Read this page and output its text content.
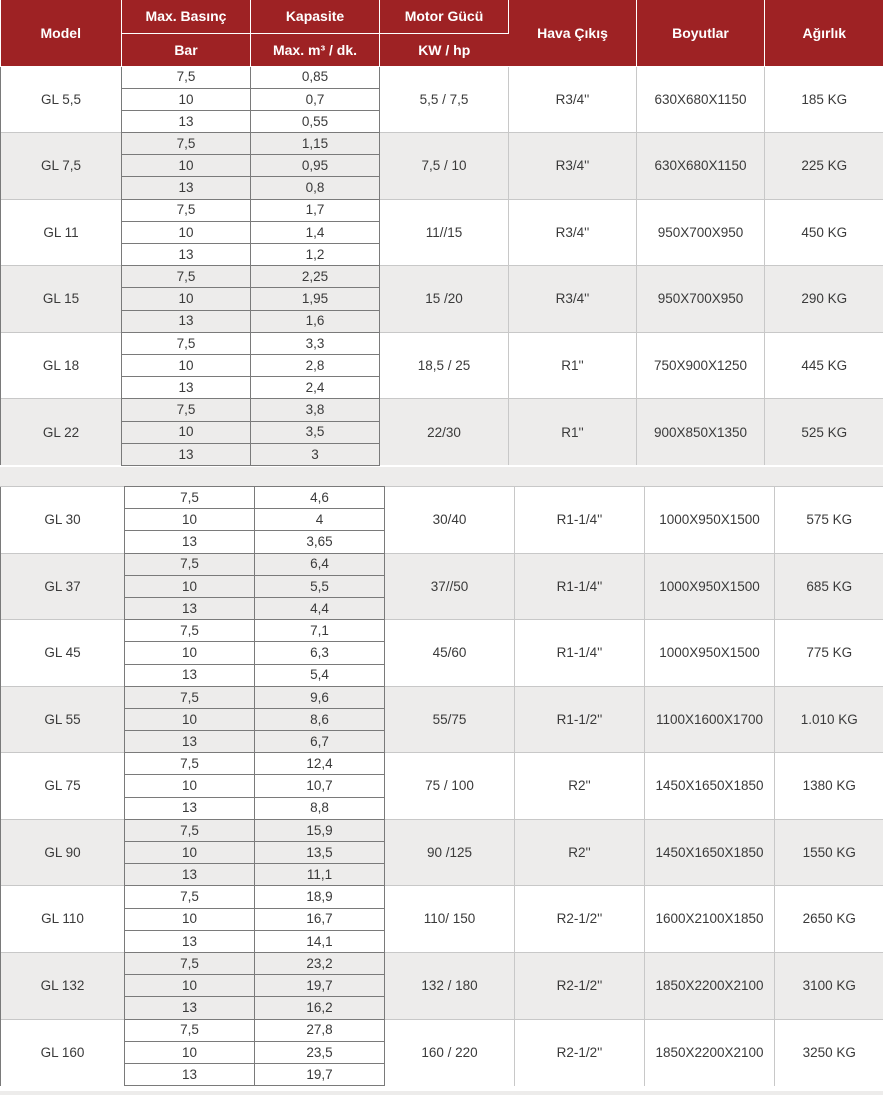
Model	Max. Basınç	Kapasite	Motor Gücü	Hava Çıkış	Boyutlar	Ağırlık
	Bar	Max. m³ / dk.	KW / hp			
GL 5,5	7,5	0,85	5,5 / 7,5	R3/4''	630X680X1150	185 KG
	10	0,7				
	13	0,55				
GL 7,5	7,5	1,15	7,5 / 10	R3/4''	630X680X1150	225 KG
	10	0,95				
	13	0,8				
GL 11	7,5	1,7	11//15	R3/4''	950X700X950	450 KG
	10	1,4				
	13	1,2				
GL 15	7,5	2,25	15 /20	R3/4''	950X700X950	290 KG
	10	1,95				
	13	1,6				
GL 18	7,5	3,3	18,5 / 25	R1''	750X900X1250	445 KG
	10	2,8				
	13	2,4				
GL 22	7,5	3,8	22/30	R1''	900X850X1350	525 KG
	10	3,5				
	13	3				
GL 30	7,5	4,6	30/40	R1-1/4''	1000X950X1500	575 KG
	10	4				
	13	3,65				
GL 37	7,5	6,4	37//50	R1-1/4''	1000X950X1500	685 KG
	10	5,5				
	13	4,4				
GL 45	7,5	7,1	45/60	R1-1/4''	1000X950X1500	775 KG
	10	6,3				
	13	5,4				
GL 55	7,5	9,6	55/75	R1-1/2''	1100X1600X1700	1.010 KG
	10	8,6				
	13	6,7				
GL 75	7,5	12,4	75 / 100	R2''	1450X1650X1850	1380 KG
	10	10,7				
	13	8,8				
GL 90	7,5	15,9	90 /125	R2''	1450X1650X1850	1550 KG
	10	13,5				
	13	11,1				
GL 110	7,5	18,9	110/ 150	R2-1/2''	1600X2100X1850	2650 KG
	10	16,7				
	13	14,1				
GL 132	7,5	23,2	132 / 180	R2-1/2''	1850X2200X2100	3100 KG
	10	19,7				
	13	16,2				
GL 160	7,5	27,8	160 / 220	R2-1/2''	1850X2200X2100	3250 KG
	10	23,5				
	13	19,7				
